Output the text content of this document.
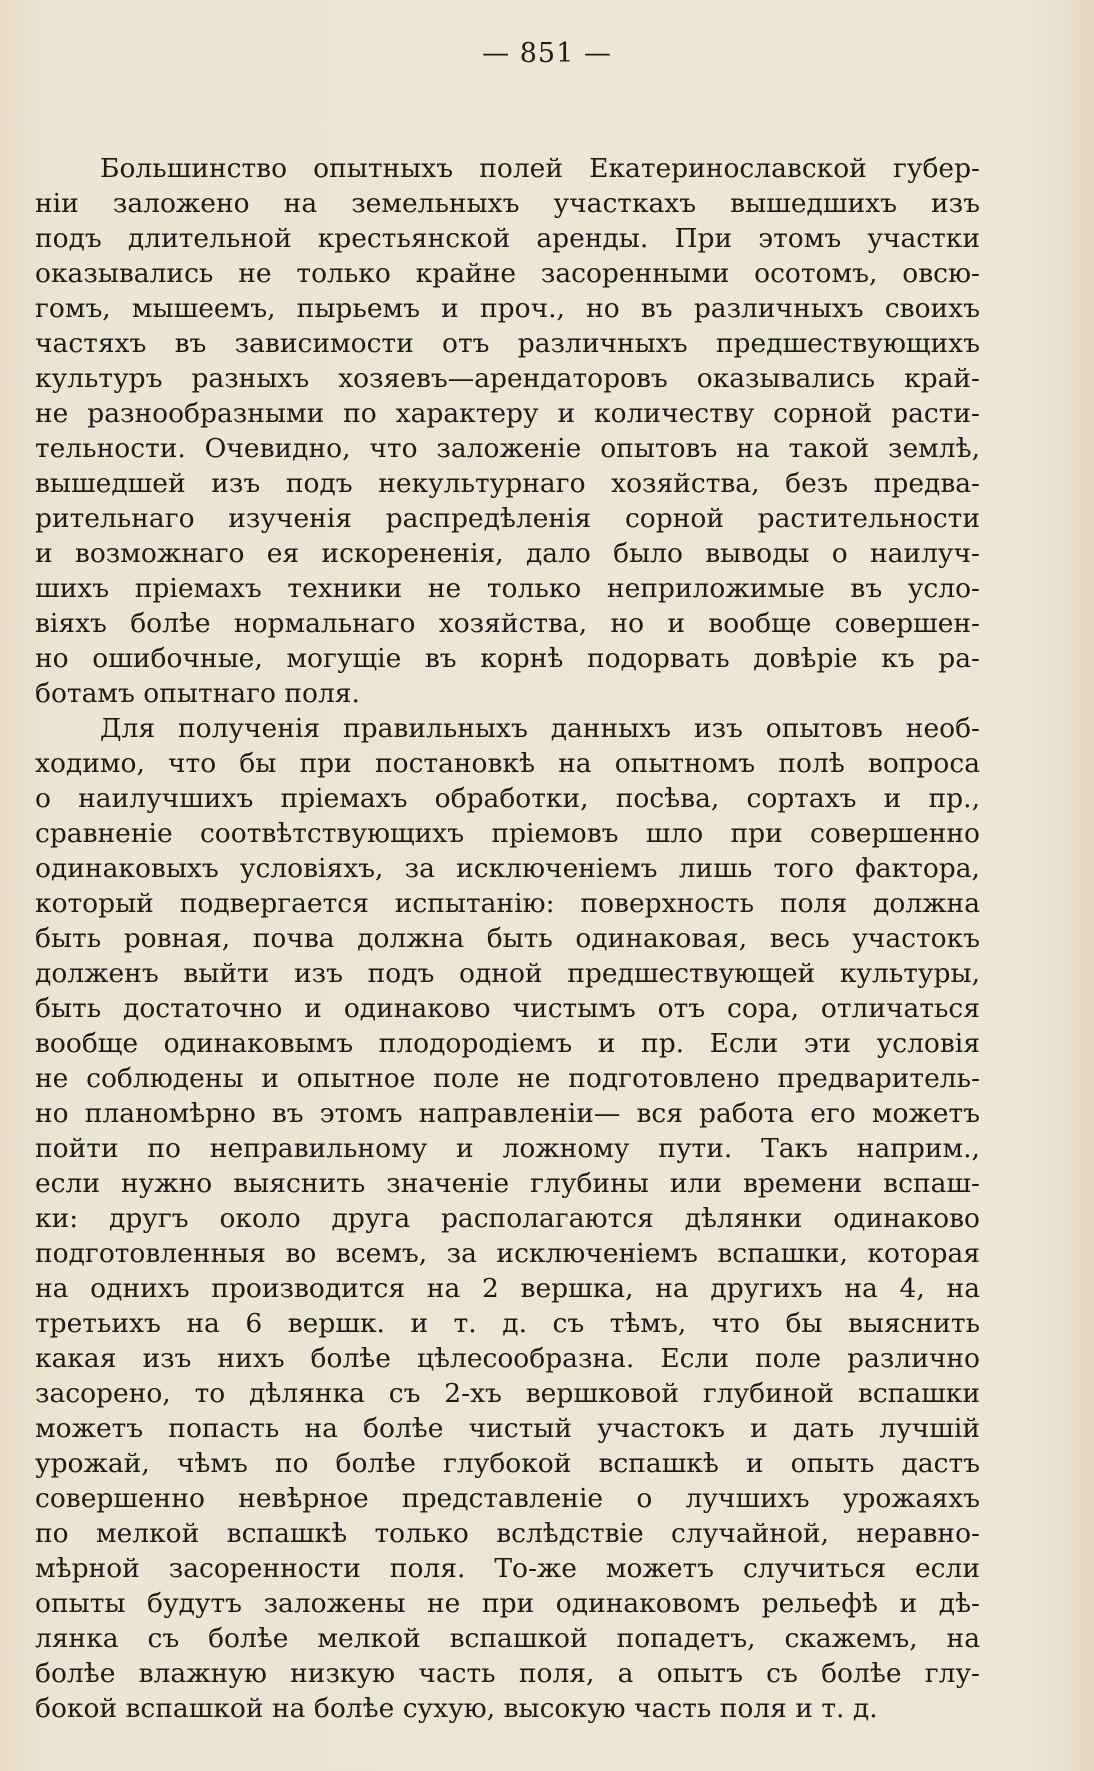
— 851 —
Большинство опытныхъ полей Екатеринославской губер-
ніи заложено на земельныхъ участкахъ вышедшихъ изъ
подъ длительной крестьянской аренды. При этомъ участки
оказывались не только крайне засоренными осотомъ, овсю-
гомъ, мышеемъ, пырьемъ и проч., но въ различныхъ своихъ
частяхъ въ зависимости отъ различныхъ предшествующихъ
культуръ разныхъ хозяевъ—арендаторовъ оказывались край-
не разнообразными по характеру и количеству сорной расти-
тельности. Очевидно, что заложеніе опытовъ на такой землѣ,
вышедшей изъ подъ некультурнаго хозяйства, безъ предва-
рительнаго изученія распредѣленія сорной растительности
и возможнаго ея искорененія, дало было выводы о наилуч-
шихъ пріемахъ техники не только неприложимые въ усло-
віяхъ болѣе нормальнаго хозяйства, но и вообще совершен-
но ошибочные, могущіе въ корнѣ подорвать довѣріе къ ра-
ботамъ опытнаго поля.
Для полученія правильныхъ данныхъ изъ опытовъ необ-
ходимо, что бы при постановкѣ на опытномъ полѣ вопроса
о наилучшихъ пріемахъ обработки, посѣва, сортахъ и пр.,
сравненіе соотвѣтствующихъ пріемовъ шло при совершенно
одинаковыхъ условіяхъ, за исключеніемъ лишь того фактора,
который подвергается испытанію: поверхность поля должна
быть ровная, почва должна быть одинаковая, весь участокъ
долженъ выйти изъ подъ одной предшествующей культуры,
быть достаточно и одинаково чистымъ отъ сора, отличаться
вообще одинаковымъ плодородіемъ и пр. Если эти условія
не соблюдены и опытное поле не подготовлено предваритель-
но планомѣрно въ этомъ направленіи— вся работа его можетъ
пойти по неправильному и ложному пути. Такъ наприм.,
если нужно выяснить значеніе глубины или времени вспаш-
ки: другъ около друга располагаются дѣлянки одинаково
подготовленныя во всемъ, за исключеніемъ вспашки, которая
на однихъ производится на 2 вершка, на другихъ на 4, на
третьихъ на 6 вершк. и т. д. съ тѣмъ, что бы выяснить
какая изъ нихъ болѣе цѣлесообразна. Если поле различно
засорено, то дѣлянка съ 2-хъ вершковой глубиной вспашки
можетъ попасть на болѣе чистый участокъ и дать лучшій
урожай, чѣмъ по болѣе глубокой вспашкѣ и опыть дастъ
совершенно невѣрное представленіе о лучшихъ урожаяхъ
по мелкой вспашкѣ только вслѣдствіе случайной, неравно-
мѣрной засоренности поля. То-же можетъ случиться если
опыты будутъ заложены не при одинаковомъ рельефѣ и дѣ-
лянка съ болѣе мелкой вспашкой попадетъ, скажемъ, на
болѣе влажную низкую часть поля, а опытъ съ болѣе глу-
бокой вспашкой на болѣе сухую, высокую часть поля и т. д.
